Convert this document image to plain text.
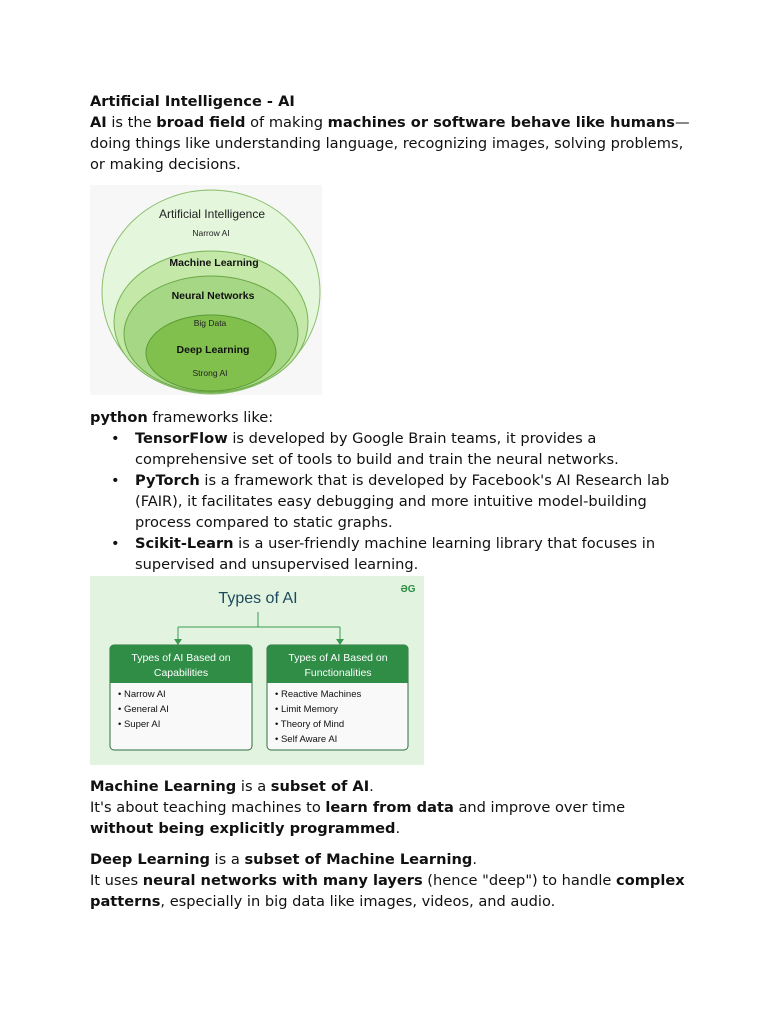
Artificial Intelligence - AI

AI is the broad field of making machines or software behave like humans—doing things like understanding language, recognizing images, solving problems, or making decisions.

Artificial Intelligence
Narrow AI
Machine Learning
Neural Networks
Big Data
Deep Learning
Strong AI

python frameworks like:

• TensorFlow is developed by Google Brain teams, it provides a comprehensive set of tools to build and train the neural networks.
• PyTorch is a framework that is developed by Facebook's AI Research lab (FAIR), it facilitates easy debugging and more intuitive model-building process compared to static graphs.
• Scikit-Learn is a user-friendly machine learning library that focuses in supervised and unsupervised learning.
Types of AI
ƏG
Types of AI Based on
Capabilities
• Narrow AI
• General AI
• Super AI
Types of AI Based on
Functionalities
• Reactive Machines
• Limit Memory
• Theory of Mind
• Self Aware AI

Machine Learning is a subset of AI.

It's about teaching machines to learn from data and improve over time without being explicitly programmed.

Deep Learning is a subset of Machine Learning.

It uses neural networks with many layers (hence "deep") to handle complex patterns, especially in big data like images, videos, and audio.
